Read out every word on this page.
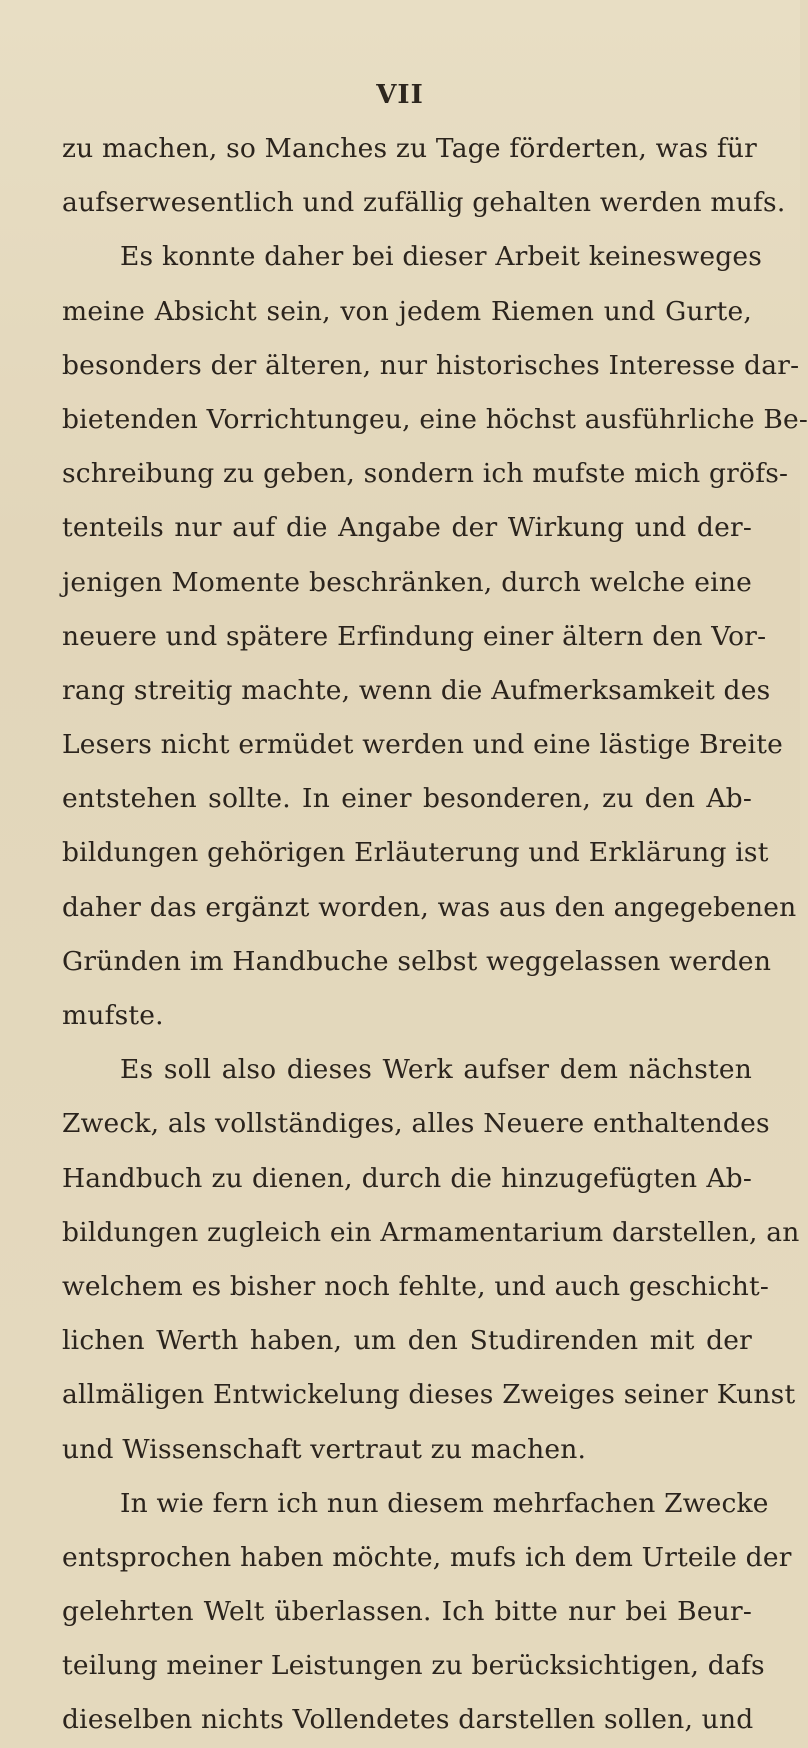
VII
zu machen, so Manches zu Tage förderten, was für
aufserwesentlich und zufällig gehalten werden mufs.
Es konnte daher bei dieser Arbeit keinesweges
meine Absicht sein, von jedem Riemen und Gurte,
besonders der älteren, nur historisches Interesse dar-
bietenden Vorrichtungeu, eine höchst ausführliche Be-
schreibung zu geben, sondern ich mufste mich gröfs-
tenteils nur auf die Angabe der Wirkung und der-
jenigen Momente beschränken, durch welche eine
neuere und spätere Erfindung einer ältern den Vor-
rang streitig machte, wenn die Aufmerksamkeit des
Lesers nicht ermüdet werden und eine lästige Breite
entstehen sollte. In einer besonderen, zu den Ab-
bildungen gehörigen Erläuterung und Erklärung ist
daher das ergänzt worden, was aus den angegebenen
Gründen im Handbuche selbst weggelassen werden
mufste.
Es soll also dieses Werk aufser dem nächsten
Zweck, als vollständiges, alles Neuere enthaltendes
Handbuch zu dienen, durch die hinzugefügten Ab-
bildungen zugleich ein Armamentarium darstellen, an
welchem es bisher noch fehlte, und auch geschicht-
lichen Werth haben, um den Studirenden mit der
allmäligen Entwickelung dieses Zweiges seiner Kunst
und Wissenschaft vertraut zu machen.
In wie fern ich nun diesem mehrfachen Zwecke
entsprochen haben möchte, mufs ich dem Urteile der
gelehrten Welt überlassen. Ich bitte nur bei Beur-
teilung meiner Leistungen zu berücksichtigen, dafs
dieselben nichts Vollendetes darstellen sollen, und
